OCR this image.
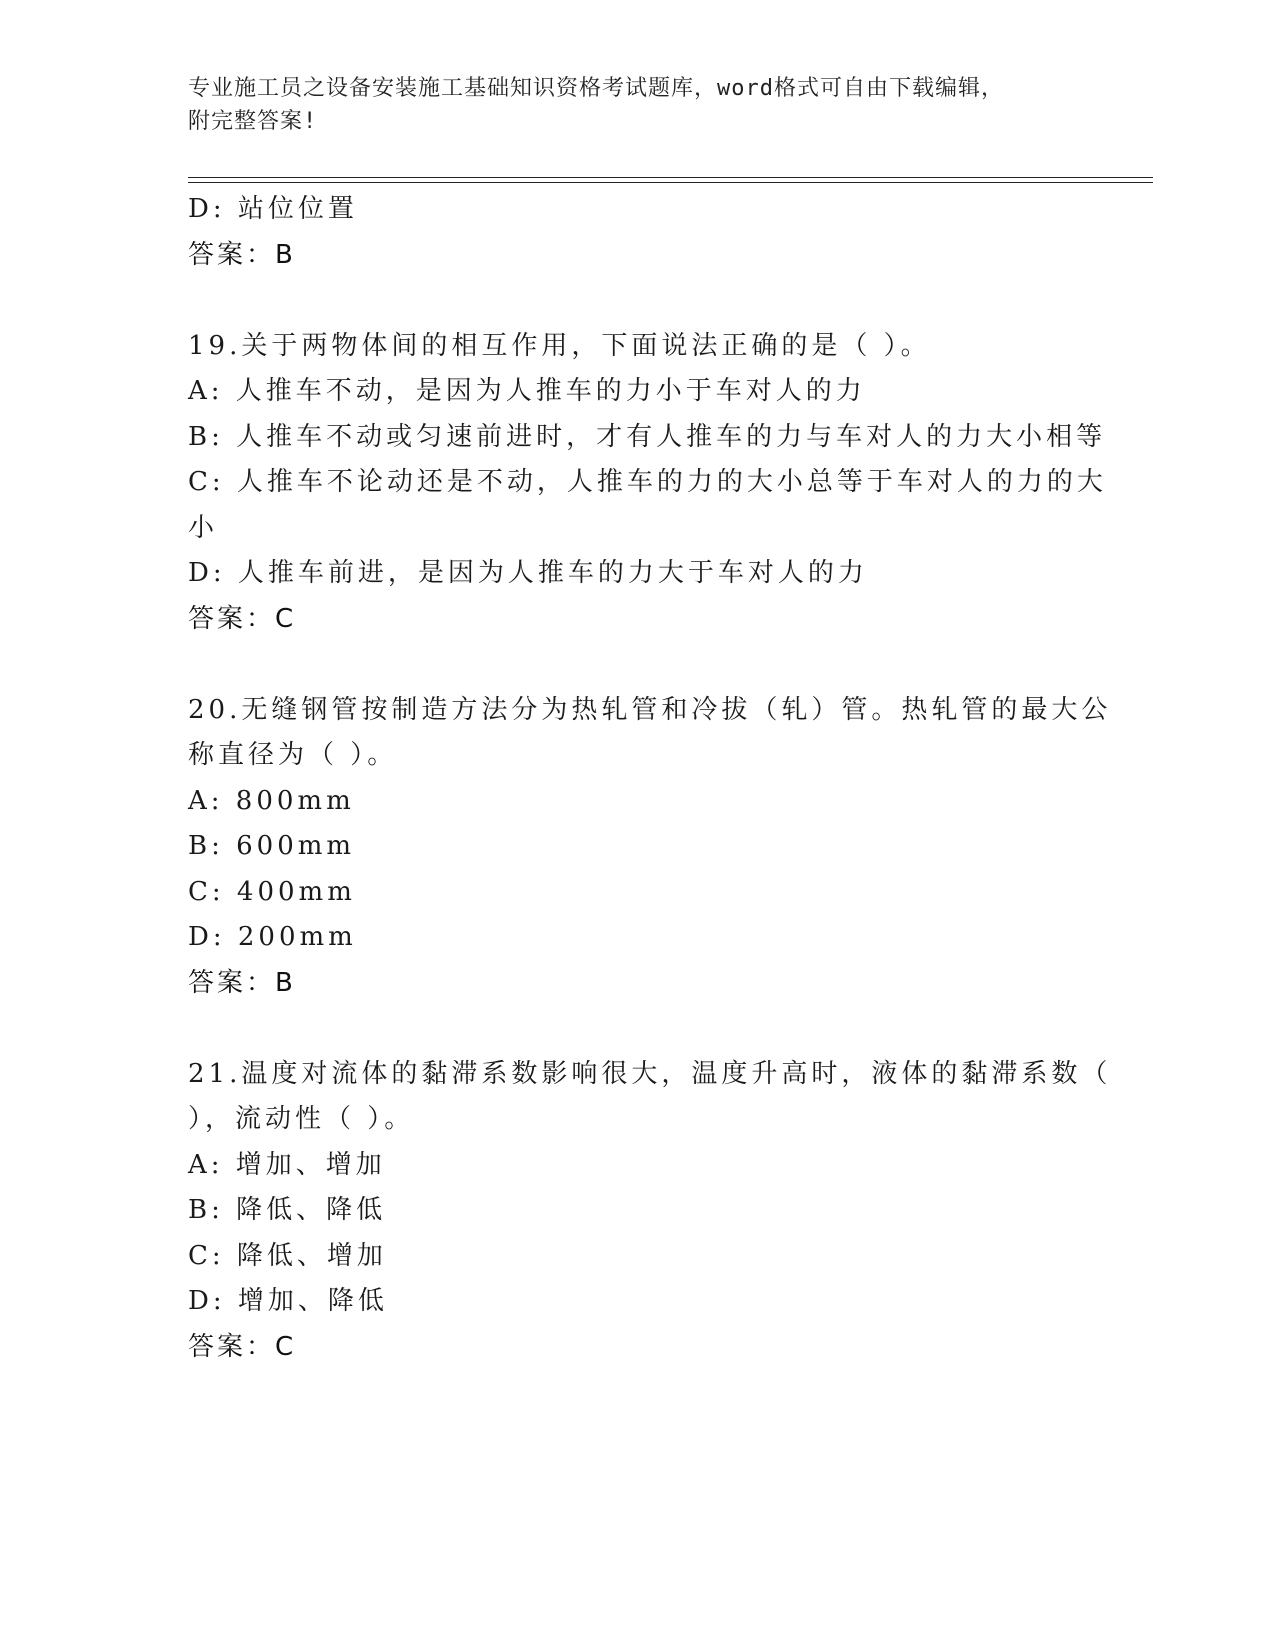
专业施工员之设备安装施工基础知识资格考试题库，word格式可自由下载编辑，
附完整答案!
D: 站位位置
答案：B
19.关于两物体间的相互作用，下面说法正确的是（ ）。
A: 人推车不动，是因为人推车的力小于车对人的力
B: 人推车不动或匀速前进时，才有人推车的力与车对人的力大小相等
C: 人推车不论动还是不动，人推车的力的大小总等于车对人的力的大
小
D: 人推车前进，是因为人推车的力大于车对人的力
答案：C
20.无缝钢管按制造方法分为热轧管和冷拔（轧）管。热轧管的最大公
称直径为（ ）。
A: 800mm
B: 600mm
C: 400mm
D: 200mm
答案：B
21.温度对流体的黏滞系数影响很大，温度升高时，液体的黏滞系数（
），流动性（ ）。
A: 增加、增加
B: 降低、降低
C: 降低、增加
D: 增加、降低
答案：C
